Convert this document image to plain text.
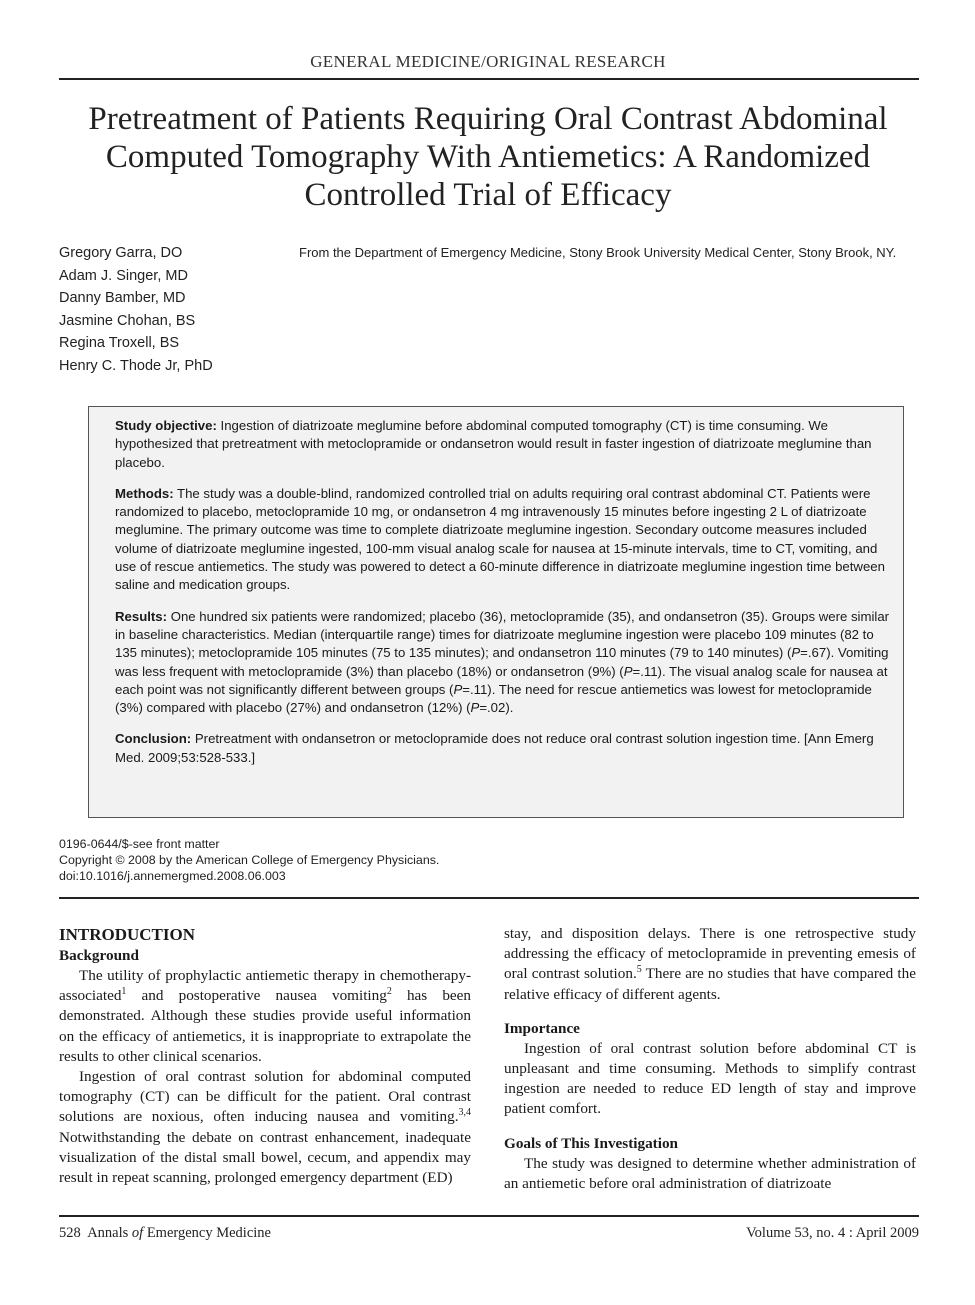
GENERAL MEDICINE/ORIGINAL RESEARCH
Pretreatment of Patients Requiring Oral Contrast Abdominal Computed Tomography With Antiemetics: A Randomized Controlled Trial of Efficacy
Gregory Garra, DO
Adam J. Singer, MD
Danny Bamber, MD
Jasmine Chohan, BS
Regina Troxell, BS
Henry C. Thode Jr, PhD
From the Department of Emergency Medicine, Stony Brook University Medical Center, Stony Brook, NY.

Study objective: Ingestion of diatrizoate meglumine before abdominal computed tomography (CT) is time consuming. We hypothesized that pretreatment with metoclopramide or ondansetron would result in faster ingestion of diatrizoate meglumine than placebo.

Methods: The study was a double-blind, randomized controlled trial on adults requiring oral contrast abdominal CT. Patients were randomized to placebo, metoclopramide 10 mg, or ondansetron 4 mg intravenously 15 minutes before ingesting 2 L of diatrizoate meglumine. The primary outcome was time to complete diatrizoate meglumine ingestion. Secondary outcome measures included volume of diatrizoate meglumine ingested, 100-mm visual analog scale for nausea at 15-minute intervals, time to CT, vomiting, and use of rescue antiemetics. The study was powered to detect a 60-minute difference in diatrizoate meglumine ingestion time between saline and medication groups.

Results: One hundred six patients were randomized; placebo (36), metoclopramide (35), and ondansetron (35). Groups were similar in baseline characteristics. Median (interquartile range) times for diatrizoate meglumine ingestion were placebo 109 minutes (82 to 135 minutes); metoclopramide 105 minutes (75 to 135 minutes); and ondansetron 110 minutes (79 to 140 minutes) (P=.67). Vomiting was less frequent with metoclopramide (3%) than placebo (18%) or ondansetron (9%) (P=.11). The visual analog scale for nausea at each point was not significantly different between groups (P=.11). The need for rescue antiemetics was lowest for metoclopramide (3%) compared with placebo (27%) and ondansetron (12%) (P=.02).

Conclusion: Pretreatment with ondansetron or metoclopramide does not reduce oral contrast solution ingestion time. [Ann Emerg Med. 2009;53:528-533.]

0196-0644/$-see front matter
Copyright © 2008 by the American College of Emergency Physicians.
doi:10.1016/j.annemergmed.2008.06.003
INTRODUCTION
Background

The utility of prophylactic antiemetic therapy in chemotherapy-associated$^1$ and postoperative nausea vomiting$^2$ has been demonstrated. Although these studies provide useful information on the efficacy of antiemetics, it is inappropriate to extrapolate the results to other clinical scenarios.

Ingestion of oral contrast solution for abdominal computed tomography (CT) can be difficult for the patient. Oral contrast solutions are noxious, often inducing nausea and vomiting.$^{3,4}$ Notwithstanding the debate on contrast enhancement, inadequate visualization of the distal small bowel, cecum, and appendix may result in repeat scanning, prolonged emergency department (ED)

stay, and disposition delays. There is one retrospective study addressing the efficacy of metoclopramide in preventing emesis of oral contrast solution.$^5$ There are no studies that have compared the relative efficacy of different agents.

Importance

Ingestion of oral contrast solution before abdominal CT is unpleasant and time consuming. Methods to simplify contrast ingestion are needed to reduce ED length of stay and improve patient comfort.

Goals of This Investigation

The study was designed to determine whether administration of an antiemetic before oral administration of diatrizoate

528 Annals of Emergency Medicine	Volume 53, no. 4 : April 2009
